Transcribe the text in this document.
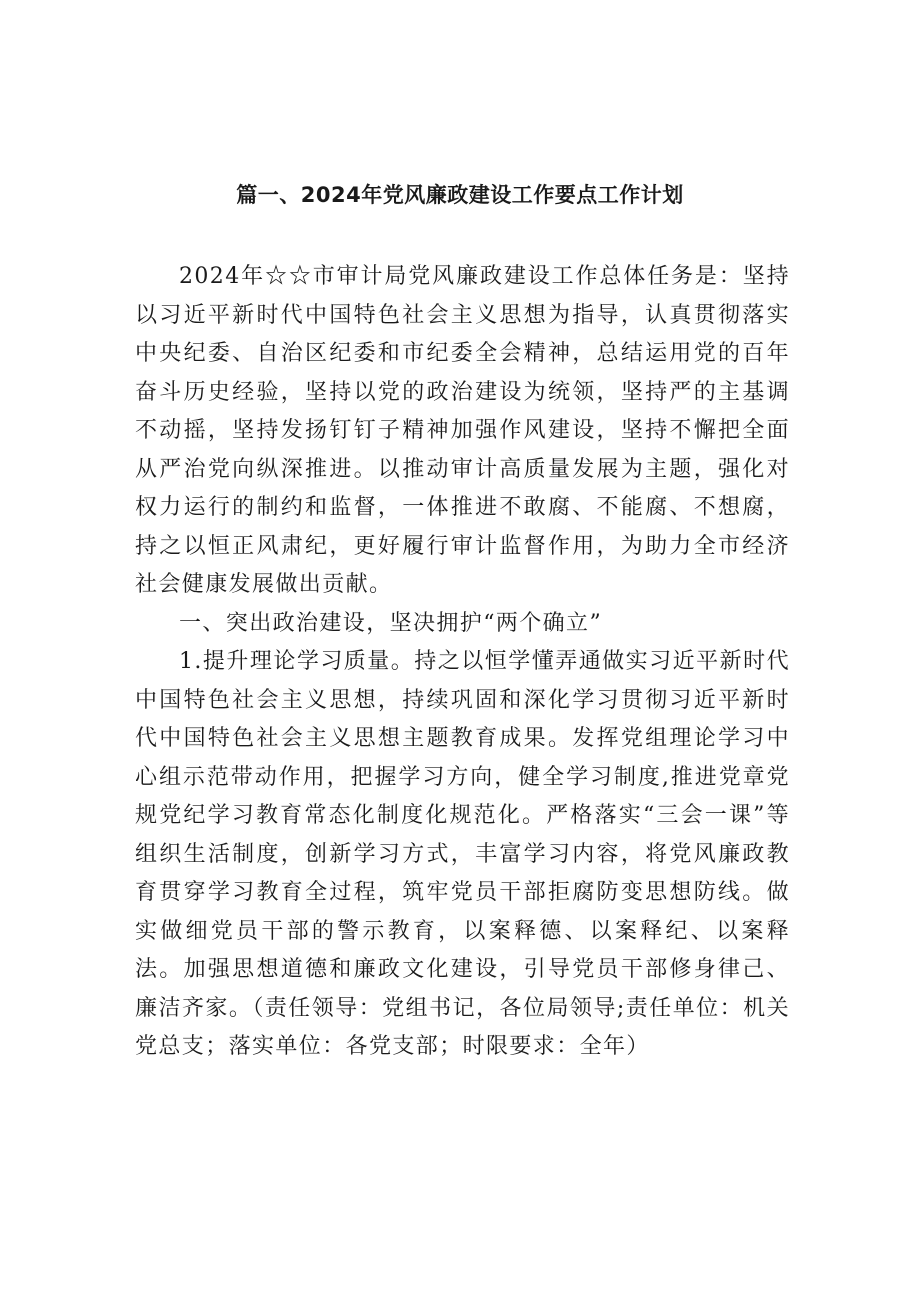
篇一、2024年党风廉政建设工作要点工作计划

2024年☆☆市审计局党风廉政建设工作总体任务是：坚持以习近平新时代中国特色社会主义思想为指导，认真贯彻落实中央纪委、自治区纪委和市纪委全会精神，总结运用党的百年奋斗历史经验，坚持以党的政治建设为统领，坚持严的主基调不动摇，坚持发扬钉钉子精神加强作风建设，坚持不懈把全面从严治党向纵深推进。以推动审计高质量发展为主题，强化对权力运行的制约和监督，一体推进不敢腐、不能腐、不想腐，持之以恒正风肃纪，更好履行审计监督作用，为助力全市经济社会健康发展做出贡献。

一、突出政治建设，坚决拥护“两个确立”

1.提升理论学习质量。持之以恒学懂弄通做实习近平新时代中国特色社会主义思想，持续巩固和深化学习贯彻习近平新时代中国特色社会主义思想主题教育成果。发挥党组理论学习中心组示范带动作用，把握学习方向，健全学习制度,推进党章党规党纪学习教育常态化制度化规范化。严格落实“三会一课”等组织生活制度，创新学习方式，丰富学习内容，将党风廉政教育贯穿学习教育全过程，筑牢党员干部拒腐防变思想防线。做实做细党员干部的警示教育，以案释德、以案释纪、以案释法。加强思想道德和廉政文化建设，引导党员干部修身律己、廉洁齐家。（责任领导：党组书记，各位局领导;责任单位：机关党总支；落实单位：各党支部；时限要求：全年）
